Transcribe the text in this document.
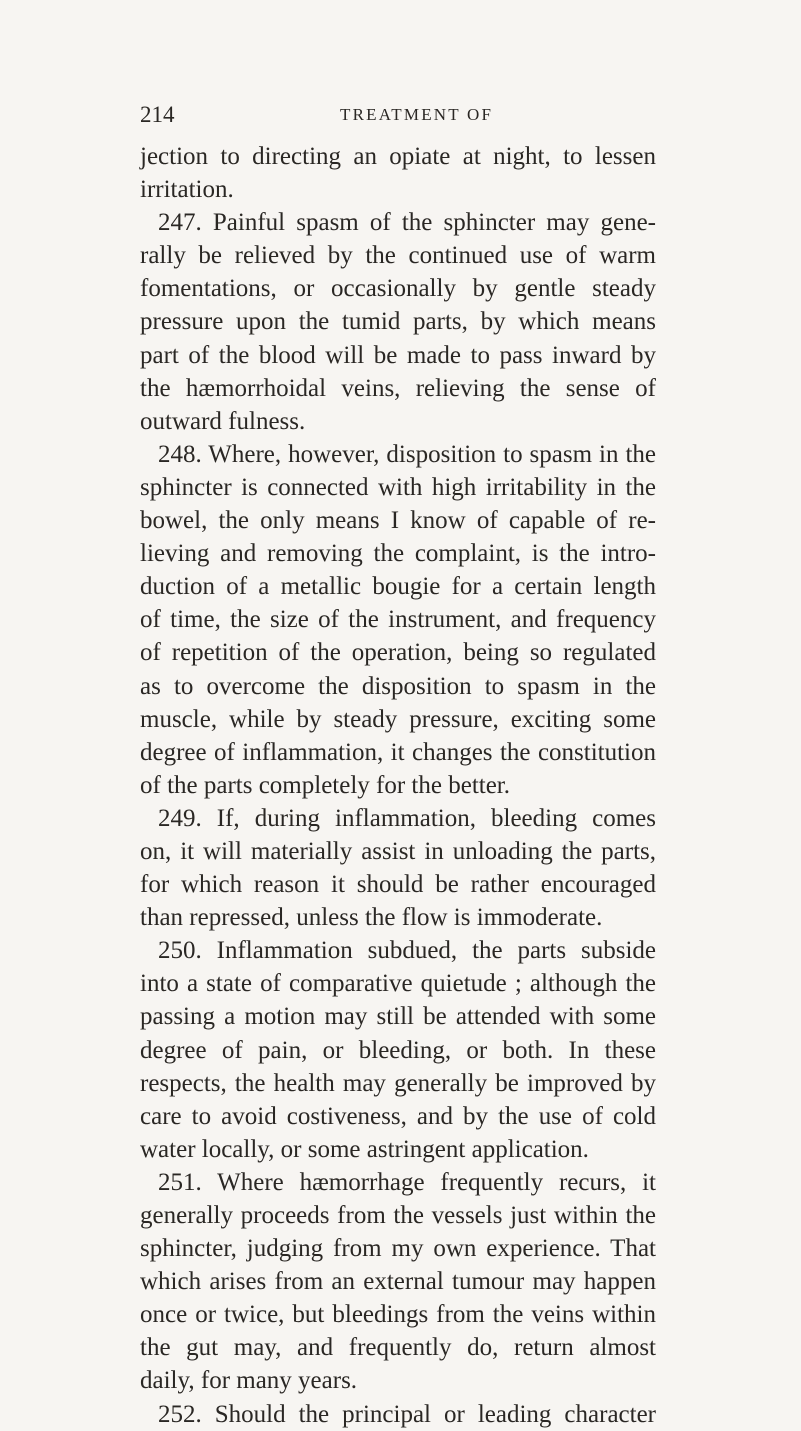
214	TREATMENT OF
jection to directing an opiate at night, to lessen
irritation.
247. Painful spasm of the sphincter may gene-
rally be relieved by the continued use of warm
fomentations, or occasionally by gentle steady
pressure upon the tumid parts, by which means
part of the blood will be made to pass inward by
the hæmorrhoidal veins, relieving the sense of
outward fulness.
248. Where, however, disposition to spasm in the
sphincter is connected with high irritability in the
bowel, the only means I know of capable of re-
lieving and removing the complaint, is the intro-
duction of a metallic bougie for a certain length
of time, the size of the instrument, and frequency
of repetition of the operation, being so regulated
as to overcome the disposition to spasm in the
muscle, while by steady pressure, exciting some
degree of inflammation, it changes the constitution
of the parts completely for the better.
249. If, during inflammation, bleeding comes
on, it will materially assist in unloading the parts,
for which reason it should be rather encouraged
than repressed, unless the flow is immoderate.
250. Inflammation subdued, the parts subside
into a state of comparative quietude ; although the
passing a motion may still be attended with some
degree of pain, or bleeding, or both. In these
respects, the health may generally be improved by
care to avoid costiveness, and by the use of cold
water locally, or some astringent application.
251. Where hæmorrhage frequently recurs, it
generally proceeds from the vessels just within the
sphincter, judging from my own experience. That
which arises from an external tumour may happen
once or twice, but bleedings from the veins within
the gut may, and frequently do, return almost
daily, for many years.
252. Should the principal or leading character
